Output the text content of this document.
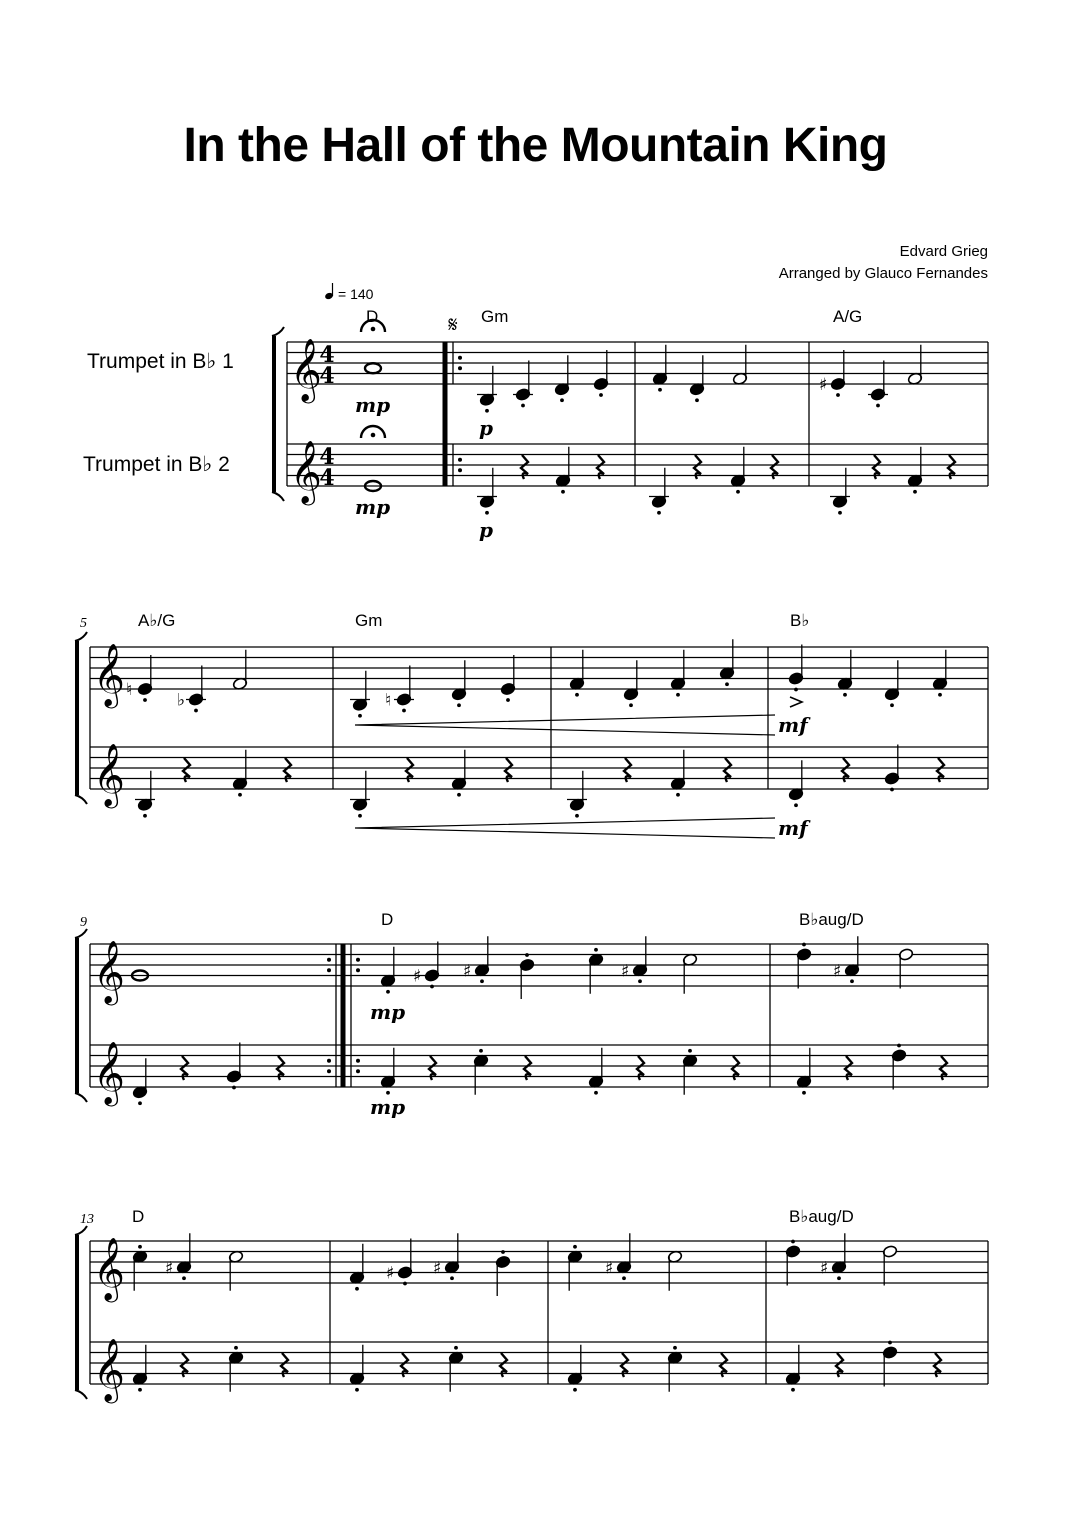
In the Hall of the Mountain King
Edvard Grieg
Arranged by Glauco Fernandes
= 140
Trumpet in B♭ 1
Trumpet in B♭ 2
D	Gm	A/G
A♭/G	Gm	B♭
D	B♭aug/D
D	B♭aug/D
5
9
13
𝄞
𝄞
𝄞
𝄞
𝄞
𝄞
𝄞
𝄞
♯
♮
♭	♮
♯ ♯	♯	♯
♯	♯ ♯	♯	♯
4
4
4
4
𝄋
mp
mp
p
p
mf
mf
mp
mp
